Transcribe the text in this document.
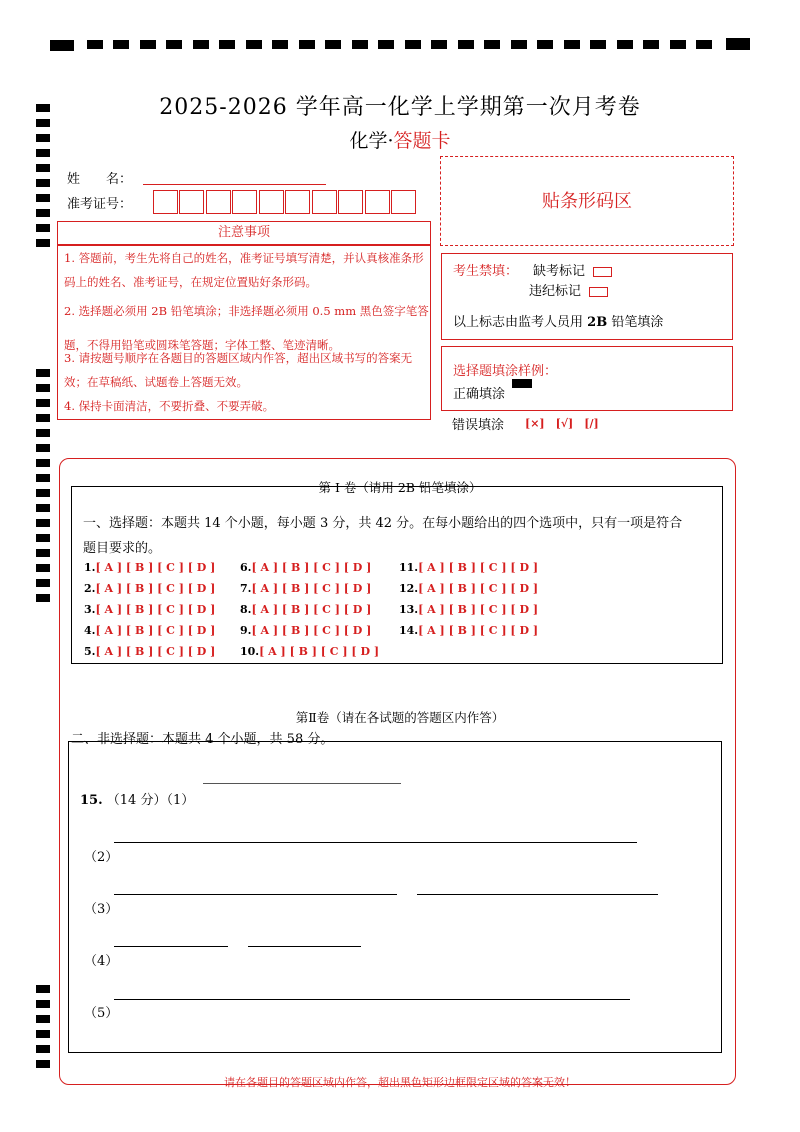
2025-2026 学年高一化学上学期第一次月考卷
化学·答题卡
姓　　名：
准考证号：	贴条形码区
注意事项
1. 答题前，考生先将自己的姓名，准考证号填写清楚，并认真核准条形码上的姓名、准考证号，在规定位置贴好条形码。
2. 选择题必须用 2B 铅笔填涂；非选择题必须用 0.5 mm 黑色签字笔答题，不得用铅笔或圆珠笔答题；字体工整、笔迹清晰。
3. 请按题号顺序在各题目的答题区域内作答，超出区域书写的答案无效；在草稿纸、试题卷上答题无效。
4. 保持卡面清洁，不要折叠、不要弄破。
考生禁填： 缺考标记
违纪标记
以上标志由监考人员用 2B 铅笔填涂
选择题填涂样例：
正确填涂
错误填涂 [×]　[√]　[/]
第 I 卷（请用 2B 铅笔填涂）
一、选择题：本题共 14 个小题，每小题 3 分，共 42 分。在每小题给出的四个选项中，只有一项是符合
题目要求的。
1.[ A ] [ B ] [ C ] [ D ]
2.[ A ] [ B ] [ C ] [ D ]
3.[ A ] [ B ] [ C ] [ D ]
4.[ A ] [ B ] [ C ] [ D ]
5.[ A ] [ B ] [ C ] [ D ]
6.[ A ] [ B ] [ C ] [ D ]
7.[ A ] [ B ] [ C ] [ D ]
8.[ A ] [ B ] [ C ] [ D ]
9.[ A ] [ B ] [ C ] [ D ]
10.[ A ] [ B ] [ C ] [ D ]
11.[ A ] [ B ] [ C ] [ D ]
12.[ A ] [ B ] [ C ] [ D ]
13.[ A ] [ B ] [ C ] [ D ]
14.[ A ] [ B ] [ C ] [ D ]
第Ⅱ卷（请在各试题的答题区内作答）
二、非选择题：本题共 4 个小题，共 58 分。
15. （14 分）（1）
（2）
（3）
（4）
（5）
请在各题目的答题区域内作答，超出黑色矩形边框限定区域的答案无效！
